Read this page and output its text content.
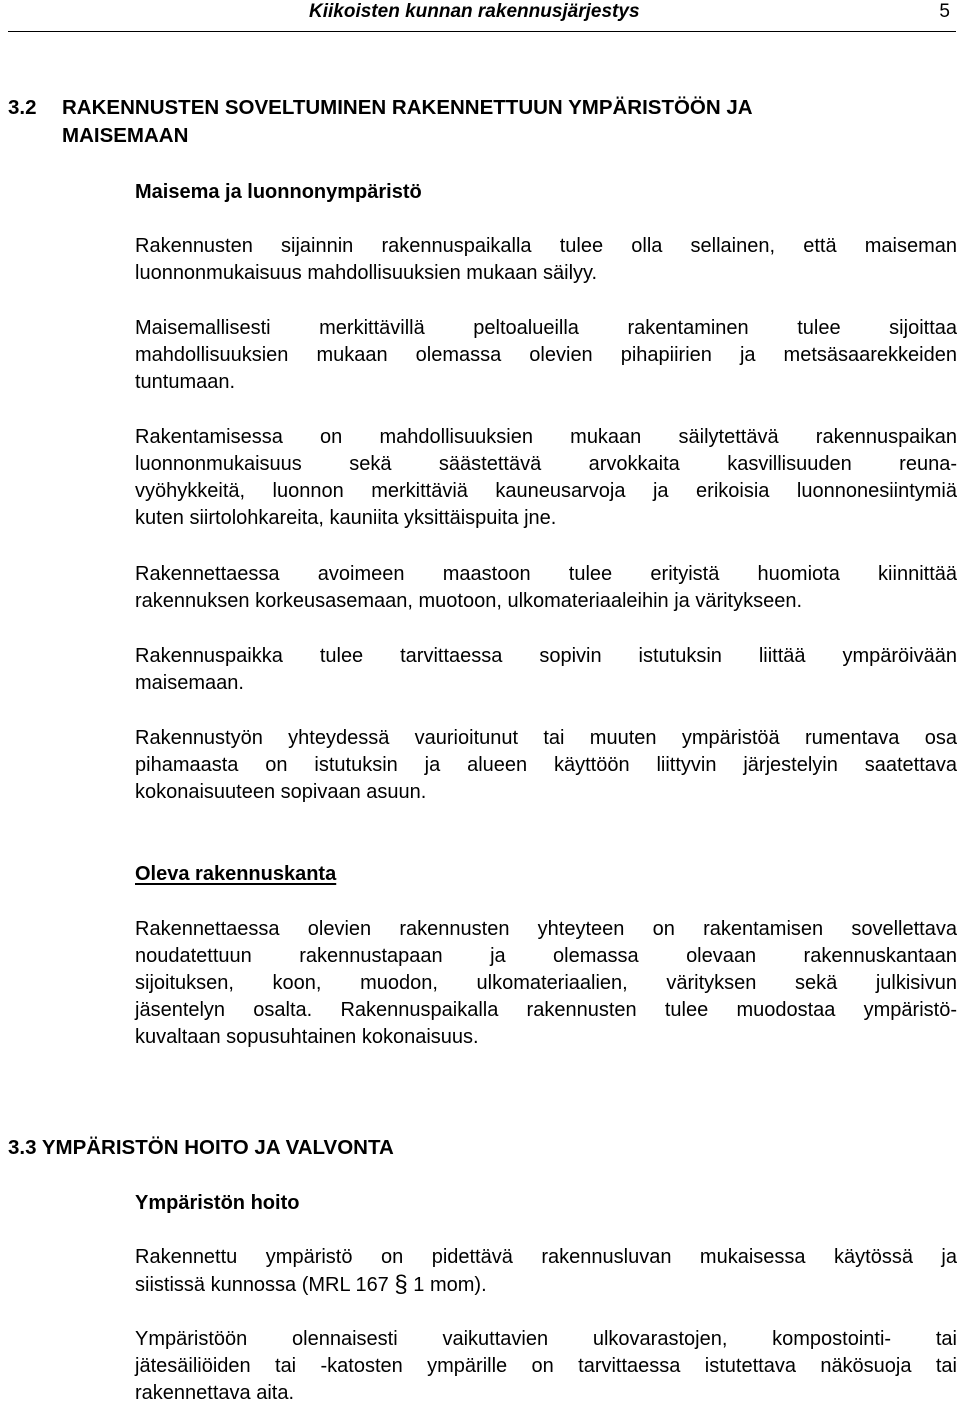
Kiikoisten kunnan rakennusjärjestys	5
3.2 RAKENNUSTEN SOVELTUMINEN RAKENNETTUUN YMPÄRISTÖÖN JA
MAISEMAAN
Maisema ja luonnonympäristö
Rakennusten sijainnin rakennuspaikalla tulee olla sellainen, että maiseman
luonnonmukaisuus mahdollisuuksien mukaan säilyy.
Maisemallisesti merkittävillä peltoalueilla rakentaminen tulee sijoittaa
mahdollisuuksien mukaan olemassa olevien pihapiirien ja metsäsaarekkeiden
tuntumaan.
Rakentamisessa on mahdollisuuksien mukaan säilytettävä rakennuspaikan
luonnonmukaisuus sekä säästettävä arvokkaita kasvillisuuden reuna-
vyöhykkeitä, luonnon merkittäviä kauneusarvoja ja erikoisia luonnonesiintymiä
kuten siirtolohkareita, kauniita yksittäispuita jne.
Rakennettaessa avoimeen maastoon tulee erityistä huomiota kiinnittää
rakennuksen korkeusasemaan, muotoon, ulkomateriaaleihin ja väritykseen.
Rakennuspaikka tulee tarvittaessa sopivin istutuksin liittää ympäröivään
maisemaan.
Rakennustyön yhteydessä vaurioitunut tai muuten ympäristöä rumentava osa
pihamaasta on istutuksin ja alueen käyttöön liittyvin järjestelyin saatettava
kokonaisuuteen sopivaan asuun.
Oleva rakennuskanta
Rakennettaessa olevien rakennusten yhteyteen on rakentamisen sovellettava
noudatettuun rakennustapaan ja olemassa olevaan rakennuskantaan
sijoituksen, koon, muodon, ulkomateriaalien, värityksen sekä julkisivun
jäsentelyn osalta. Rakennuspaikalla rakennusten tulee muodostaa ympäristö-
kuvaltaan sopusuhtainen kokonaisuus.
3.3 YMPÄRISTÖN HOITO JA VALVONTA
Ympäristön hoito
Rakennettu ympäristö on pidettävä rakennusluvan mukaisessa käytössä ja
siistissä kunnossa (MRL 167 § 1 mom).
Ympäristöön olennaisesti vaikuttavien ulkovarastojen, kompostointi- tai
jätesäiliöiden tai -katosten ympärille on tarvittaessa istutettava näkösuoja tai
rakennettava aita.
